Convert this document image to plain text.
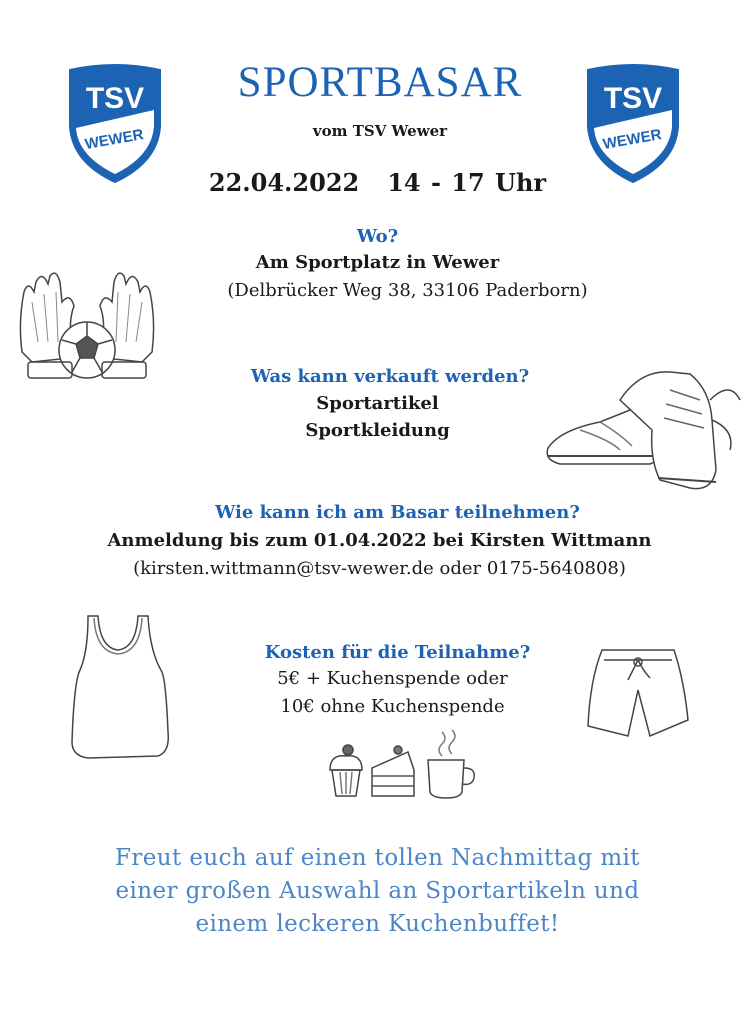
TSV
WEWER
TSV
WEWER
SPORTBASAR
vom TSV Wewer
22.04.2022 14 - 17 Uhr
Wo?
Am Sportplatz in Wewer
(Delbrücker Weg 38, 33106 Paderborn)
Was kann verkauft werden?
Sportartikel
Sportkleidung
Wie kann ich am Basar teilnehmen?
Anmeldung bis zum 01.04.2022 bei Kirsten Wittmann
(kirsten.wittmann@tsv-wewer.de oder 0175-5640808)
Kosten für die Teilnahme?
5€ + Kuchenspende oder
10€ ohne Kuchenspende
Freut euch auf einen tollen Nachmittag mit
einer großen Auswahl an Sportartikeln und
einem leckeren Kuchenbuffet!
